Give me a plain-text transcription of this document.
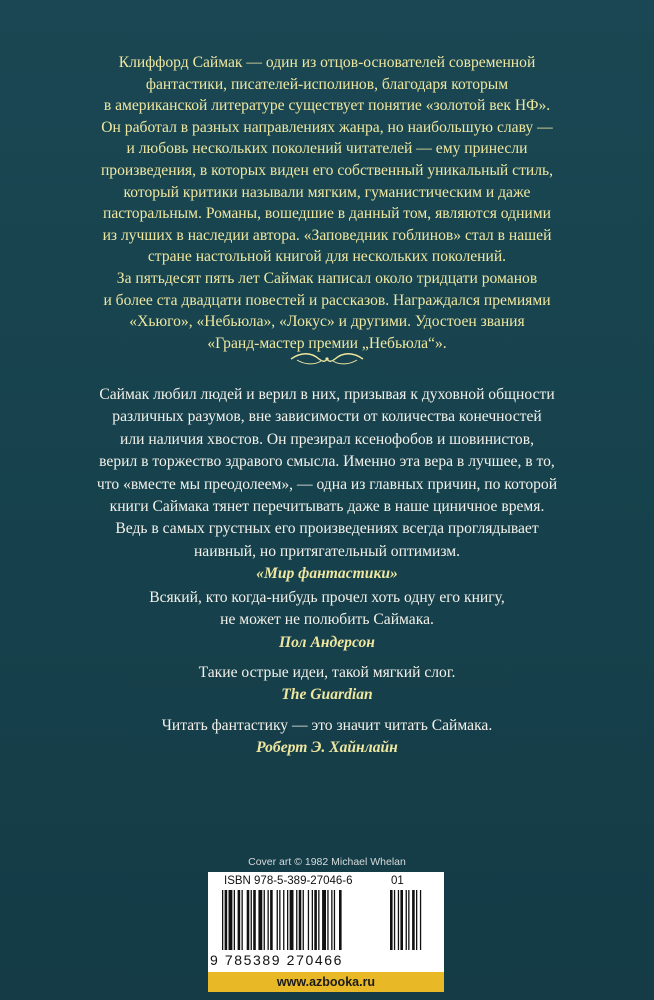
Клиффорд Саймак — один из отцов-основателей современной
фантастики, писателей-исполинов, благодаря которым
в американской литературе существует понятие «золотой век НФ».
Он работал в разных направлениях жанра, но наибольшую славу —
и любовь нескольких поколений читателей — ему принесли
произведения, в которых виден его собственный уникальный стиль,
который критики называли мягким, гуманистическим и даже
пасторальным. Романы, вошедшие в данный том, являются одними
из лучших в наследии автора. «Заповедник гоблинов» стал в нашей
стране настольной книгой для нескольких поколений.
За пятьдесят пять лет Саймак написал около тридцати романов
и более ста двадцати повестей и рассказов. Награждался премиями
«Хьюго», «Небьюла», «Локус» и другими. Удостоен звания
«Гранд-мастер премии „Небьюла“».
Саймак любил людей и верил в них, призывая к духовной общности
различных разумов, вне зависимости от количества конечностей
или наличия хвостов. Он презирал ксенофобов и шовинистов,
верил в торжество здравого смысла. Именно эта вера в лучшее, в то,
что «вместе мы преодолеем», — одна из главных причин, по которой
книги Саймака тянет перечитывать даже в наше циничное время.
Ведь в самых грустных его произведениях всегда проглядывает
наивный, но притягательный оптимизм.
«Мир фантастики»
Всякий, кто когда-нибудь прочел хоть одну его книгу,
не может не полюбить Саймака.
Пол Андерсон
Такие острые идеи, такой мягкий слог.
The Guardian
Читать фантастику — это значит читать Саймака.
Роберт Э. Хайнлайн
Cover art © 1982 Michael Whelan
ISBN 978-5-389-27046-6	01
9 785389 270466
www.azbooka.ru
